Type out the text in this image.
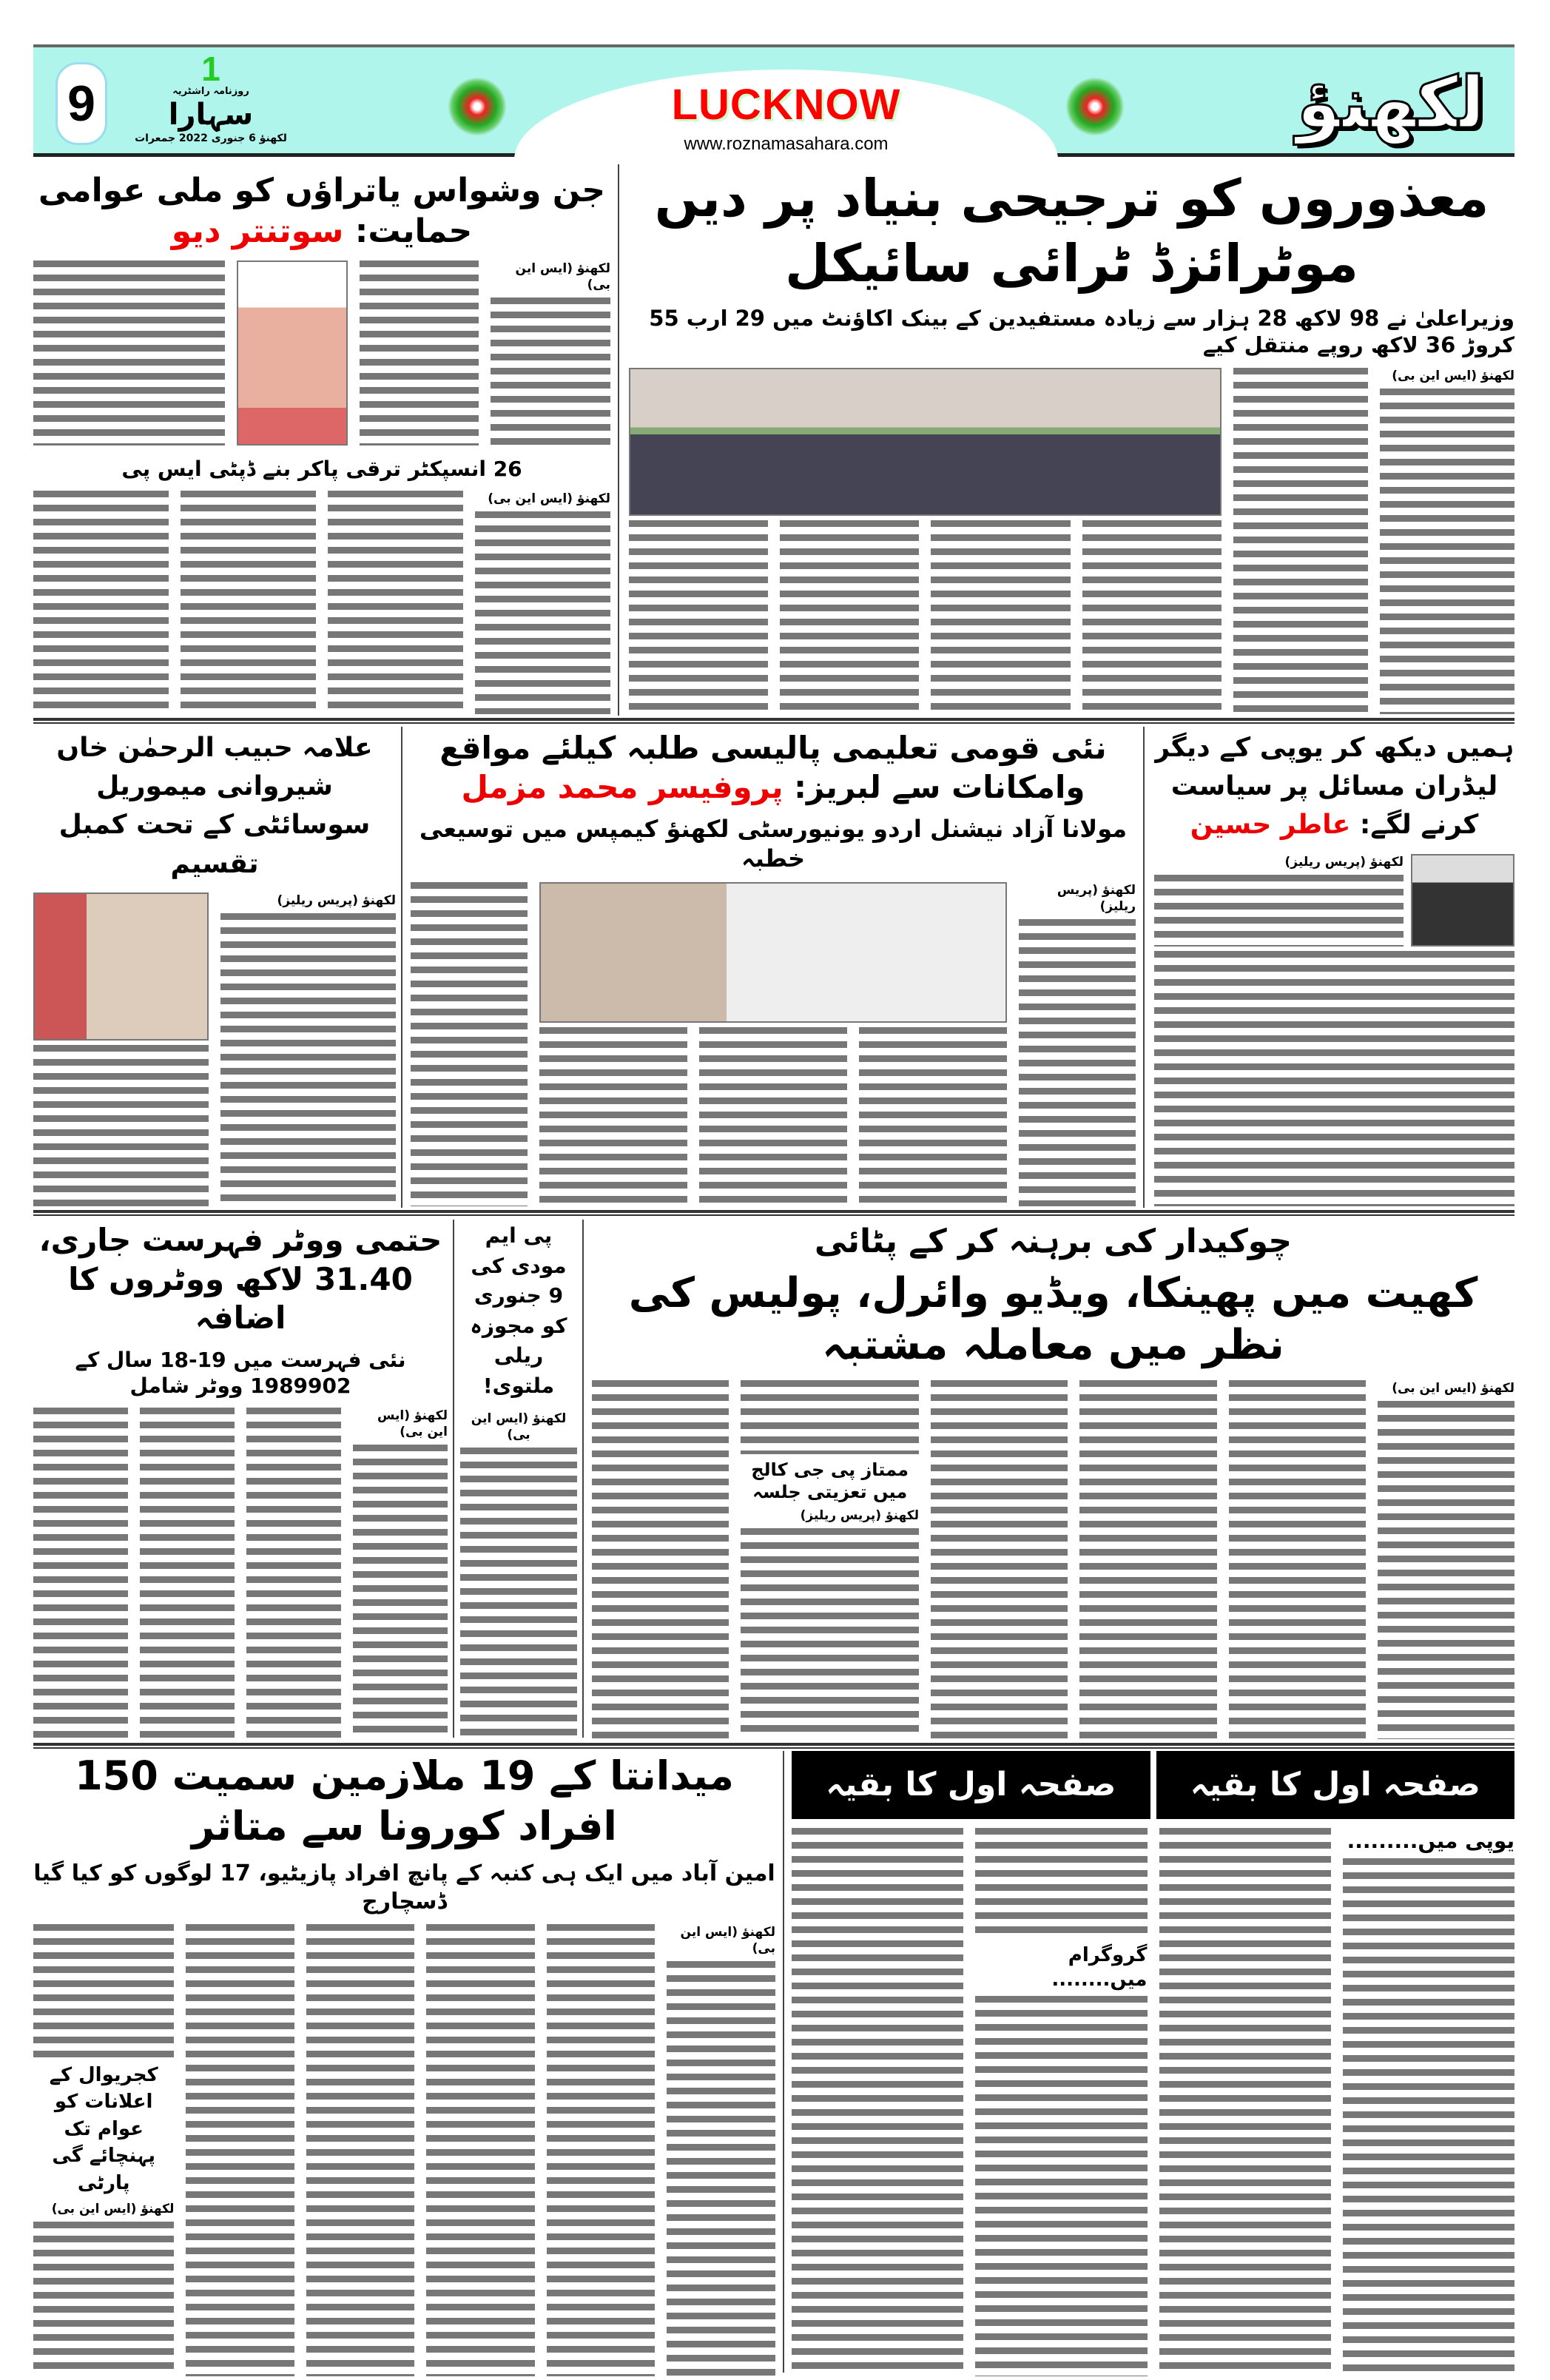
9
1
روزنامہ راشٹریہ
سہارا
لکھنؤ 6 جنوری 2022 جمعرات
LUCKNOW
www.roznamasahara.com	لکھنؤ
معذوروں کو ترجیحی بنیاد پر دیں موٹرائزڈ ٹرائی سائیکل
وزیراعلیٰ نے 98 لاکھ 28 ہزار سے زیادہ مستفیدین کے بینک اکاؤنٹ میں 29 ارب 55 کروڑ 36 لاکھ روپے منتقل کیے
لکھنؤ (ایس این بی)
جن وشواس یاتراؤں کو ملی عوامی حمایت: سوتنتر دیو
لکھنؤ (ایس این بی)
26 انسپکٹر ترقی پاکر بنے ڈپٹی ایس پی
لکھنؤ (ایس این بی)
ہمیں دیکھ کر یوپی کے دیگر لیڈران مسائل پر سیاست کرنے لگے: عاطر حسین
لکھنؤ (پریس ریلیز)
نئی قومی تعلیمی پالیسی طلبہ کیلئے مواقع وامکانات سے لبریز: پروفیسر محمد مزمل
مولانا آزاد نیشنل اردو یونیورسٹی لکھنؤ کیمپس میں توسیعی خطبہ
لکھنؤ (پریس ریلیز)
علامہ حبیب الرحمٰن خاں شیروانی میموریل سوسائٹی کے تحت کمبل تقسیم
لکھنؤ (پریس ریلیز)
چوکیدار کی برہنہ کر کے پٹائی
کھیت میں پھینکا، ویڈیو وائرل، پولیس کی نظر میں معاملہ مشتبہ
لکھنؤ (ایس این بی)
ممتاز پی جی کالج میں تعزیتی جلسہ
لکھنؤ (پریس ریلیز)
پی ایم مودی کی 9 جنوری کو مجوزہ ریلی ملتوی!
لکھنؤ (ایس این بی)
حتمی ووٹر فہرست جاری، 31.40 لاکھ ووٹروں کا اضافہ
نئی فہرست میں 19-18 سال کے 1989902 ووٹر شامل
لکھنؤ (ایس این بی)
صفحہ اول کا بقیہ
صفحہ اول کا بقیہ
یوپی میں.........
گروگرام میں........
میدانتا کے 19 ملازمین سمیت 150 افراد کورونا سے متاثر
امین آباد میں ایک ہی کنبہ کے پانچ افراد پازیٹیو، 17 لوگوں کو کیا گیا ڈسچارج
لکھنؤ (ایس این بی)
کجریوال کے اعلانات کو عوام تک پہنچائے گی پارٹی
لکھنؤ (ایس این بی)
